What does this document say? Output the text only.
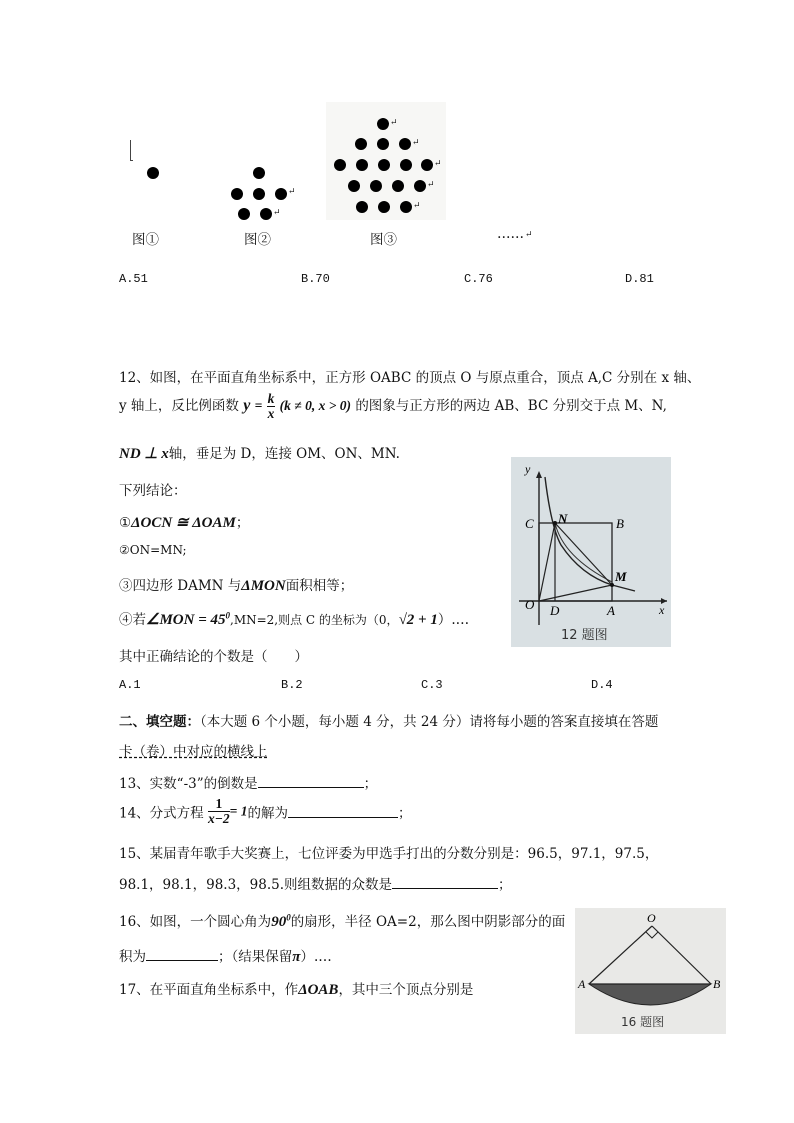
↵
↵
↵
↵
↵
↵
↵
图①	图②	图③	…… ↵
A.51	B.70	C.76	D.81
12、如图，在平面直角坐标系中，正方形 OABC 的顶点 O 与原点重合，顶点 A,C 分别在 x 轴、
y 轴上，反比例函数 $y = \frac{k}{x} (k \ne 0$, x > 0) 的图象与正方形的两边 AB、BC 分别交于点 M、N,
ND ⊥ x轴，垂足为 D，连接 OM、ON、MN.
下列结论：
①ΔOCN ≅ ΔOAM；
②ON=MN;
③四边形 DAMN 与ΔMON面积相等；
④若∠MON = $45^0,MN=2$,则点 C 的坐标为（0，√2 + 1）.…
其中正确结论的个数是（　　）
A.1	B.2	C.3	D.4
y
x
O
C N	B
M
D	A
12 题图
二、填空题：（本大题 6 个小题，每小题 4 分，共 24 分）请将每小题的答案直接填在答题
卡（卷）中对应的横线上
13、实数“-3”的倒数是	；
14、分式方程 $\frac{1}{x-2} = 1$的解为	；
15、某届青年歌手大奖赛上，七位评委为甲选手打出的分数分别是：96.5，97.1，97.5，
98.1，98.1，98.3，98.5.则组数据的众数是	；
16、如图，一个圆心角为$90^0$的扇形，半径 OA=2，那么图中阴影部分的面
积为	；（结果保留π）.…
O
A	B
16 题图
17、在平面直角坐标系中，作ΔOAB，其中三个顶点分别是
